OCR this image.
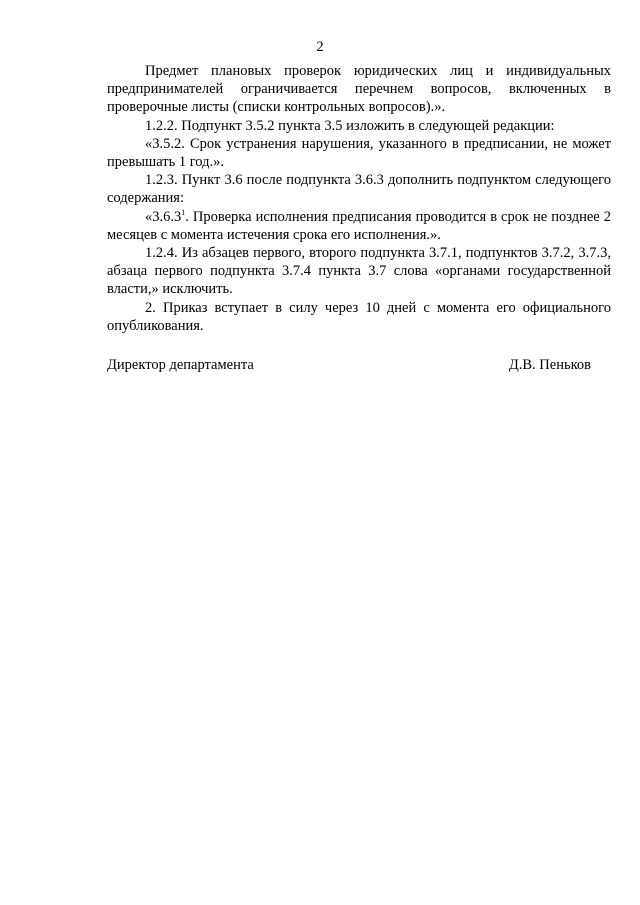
2

Предмет плановых проверок юридических лиц и индивидуальных предпринимателей ограничивается перечнем вопросов, включенных в проверочные листы (списки контрольных вопросов).».

1.2.2. Подпункт 3.5.2 пункта 3.5 изложить в следующей редакции:

«3.5.2. Срок устранения нарушения, указанного в предписании, не может превышать 1 год.».

1.2.3. Пункт 3.6 после подпункта 3.6.3 дополнить подпунктом следующего содержания:

«3.6.3$^1$. Проверка исполнения предписания проводится в срок не позднее 2 месяцев с момента истечения срока его исполнения.».

1.2.4. Из абзацев первого, второго подпункта 3.7.1, подпунктов 3.7.2, 3.7.3, абзаца первого подпункта 3.7.4 пункта 3.7 слова «органами государственной власти,» исключить.

2. Приказ вступает в силу через 10 дней с момента его официального опубликования.

Директор департамента	Д.В. Пеньков
